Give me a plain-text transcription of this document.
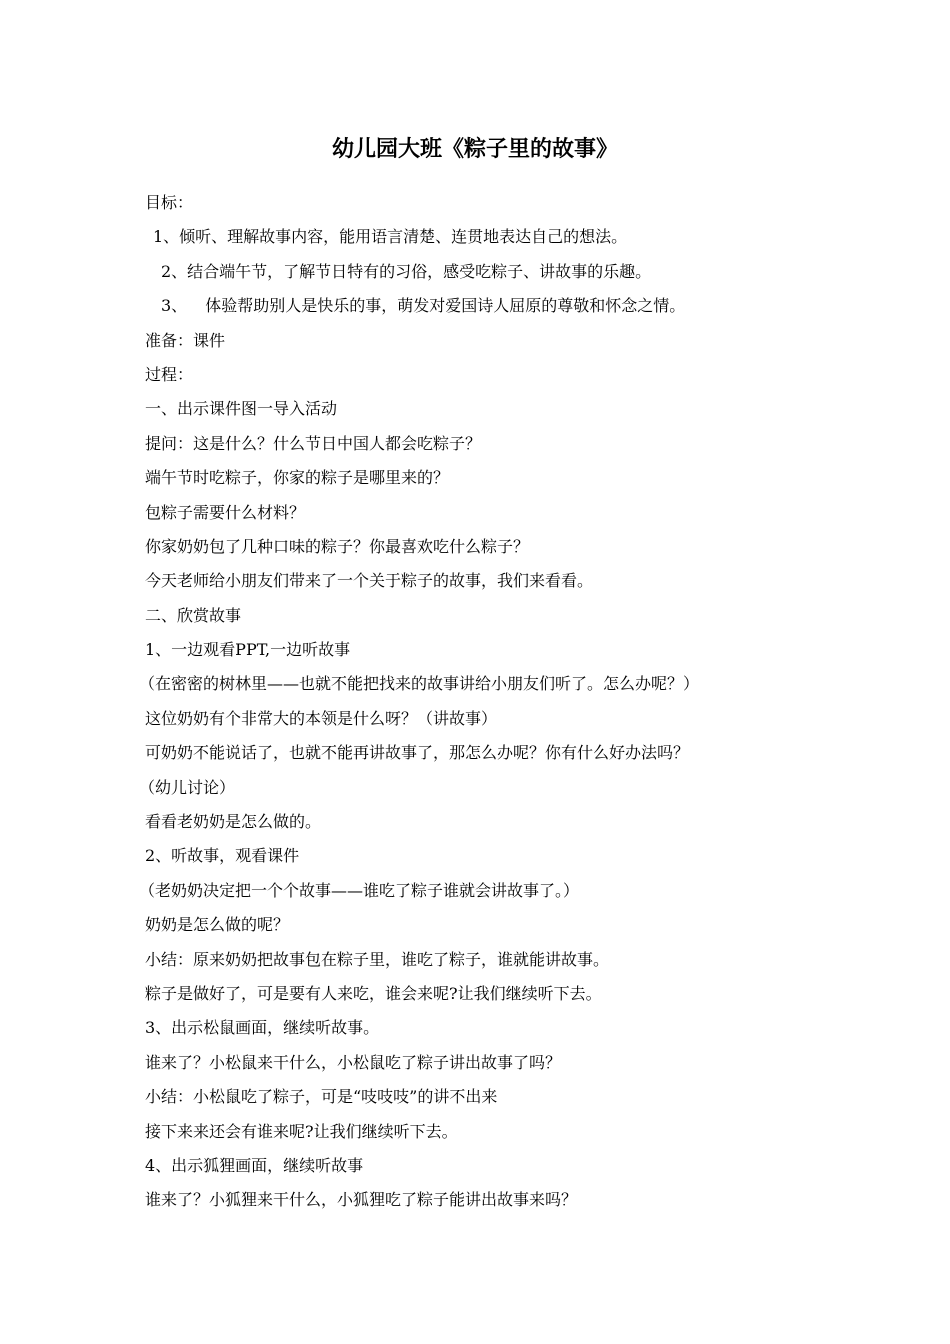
幼儿园大班《粽子里的故事》

目标：

1、倾听、理解故事内容，能用语言清楚、连贯地表达自己的想法。

2、结合端午节，了解节日特有的习俗，感受吃粽子、讲故事的乐趣。

3、 体验帮助别人是快乐的事，萌发对爱国诗人屈原的尊敬和怀念之情。

准备：课件

过程：

一、出示课件图一导入活动

提问：这是什么？什么节日中国人都会吃粽子？

端午节时吃粽子，你家的粽子是哪里来的？

包粽子需要什么材料？

你家奶奶包了几种口味的粽子？你最喜欢吃什么粽子？

今天老师给小朋友们带来了一个关于粽子的故事，我们来看看。

二、欣赏故事

1、一边观看PPT,一边听故事

（在密密的树林里——也就不能把找来的故事讲给小朋友们听了。怎么办呢？）

这位奶奶有个非常大的本领是什么呀？（讲故事）

可奶奶不能说话了，也就不能再讲故事了，那怎么办呢？你有什么好办法吗？

（幼儿讨论）

看看老奶奶是怎么做的。

2、听故事，观看课件

（老奶奶决定把一个个故事——谁吃了粽子谁就会讲故事了。）

奶奶是怎么做的呢？

小结：原来奶奶把故事包在粽子里，谁吃了粽子，谁就能讲故事。

粽子是做好了，可是要有人来吃，谁会来呢?让我们继续听下去。

3、出示松鼠画面，继续听故事。

谁来了？小松鼠来干什么，小松鼠吃了粽子讲出故事了吗？

小结：小松鼠吃了粽子，可是“吱吱吱”的讲不出来

接下来来还会有谁来呢?让我们继续听下去。

4、出示狐狸画面，继续听故事

谁来了？小狐狸来干什么，小狐狸吃了粽子能讲出故事来吗？
